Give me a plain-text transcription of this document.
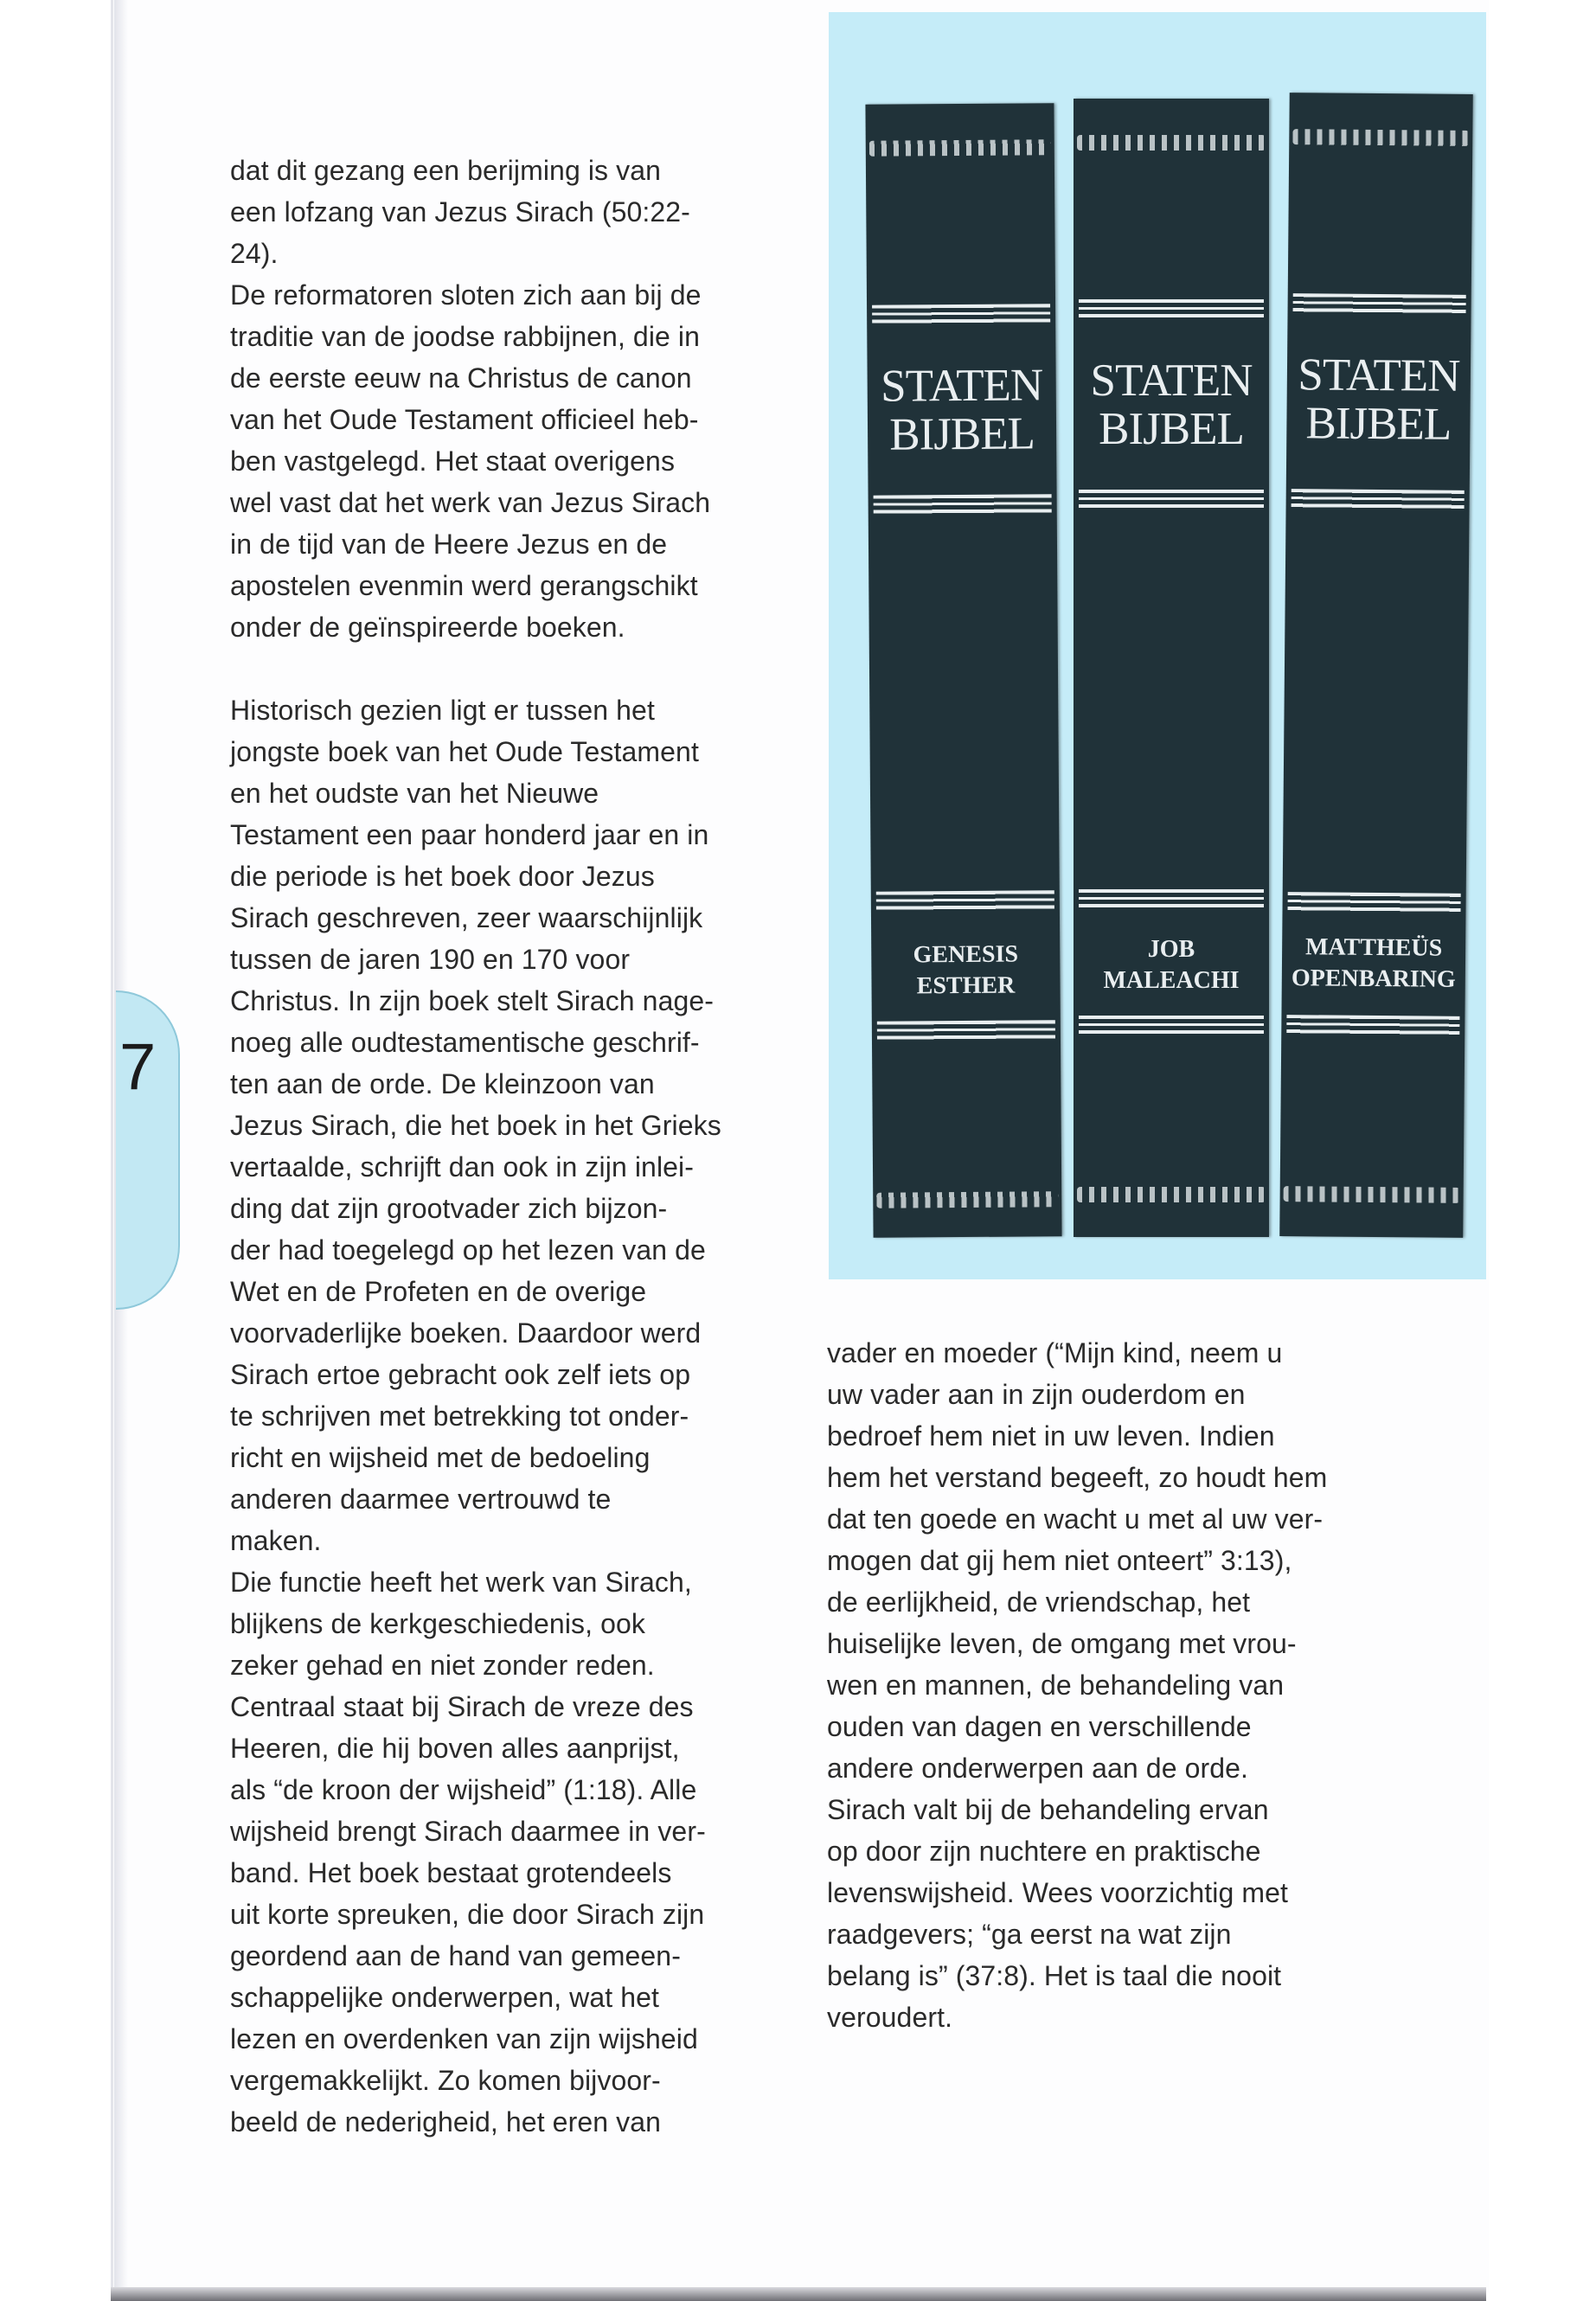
7
STATEN
BIJBEL
GENESIS
ESTHER
STATEN
BIJBEL
JOB
MALEACHI
STATEN
BIJBEL
MATTHEÜS
OPENBARING
dat dit gezang een berijming is van
een lofzang van Jezus Sirach (50:22-
24).
De reformatoren sloten zich aan bij de
traditie van de joodse rabbijnen, die in
de eerste eeuw na Christus de canon
van het Oude Testament officieel heb-
ben vastgelegd. Het staat overigens
wel vast dat het werk van Jezus Sirach
in de tijd van de Heere Jezus en de
apostelen evenmin werd gerangschikt
onder de geïnspireerde boeken.
Historisch gezien ligt er tussen het
jongste boek van het Oude Testament
en het oudste van het Nieuwe
Testament een paar honderd jaar en in
die periode is het boek door Jezus
Sirach geschreven, zeer waarschijnlijk
tussen de jaren 190 en 170 voor
Christus. In zijn boek stelt Sirach nage-
noeg alle oudtestamentische geschrif-
ten aan de orde. De kleinzoon van
Jezus Sirach, die het boek in het Grieks
vertaalde, schrijft dan ook in zijn inlei-
ding dat zijn grootvader zich bijzon-
der had toegelegd op het lezen van de
Wet en de Profeten en de overige
voorvaderlijke boeken. Daardoor werd
Sirach ertoe gebracht ook zelf iets op
te schrijven met betrekking tot onder-
richt en wijsheid met de bedoeling
anderen daarmee vertrouwd te
maken.
Die functie heeft het werk van Sirach,
blijkens de kerkgeschiedenis, ook
zeker gehad en niet zonder reden.
Centraal staat bij Sirach de vreze des
Heeren, die hij boven alles aanprijst,
als “de kroon der wijsheid” (1:18). Alle
wijsheid brengt Sirach daarmee in ver-
band. Het boek bestaat grotendeels
uit korte spreuken, die door Sirach zijn
geordend aan de hand van gemeen-
schappelijke onderwerpen, wat het
lezen en overdenken van zijn wijsheid
vergemakkelijkt. Zo komen bijvoor-
beeld de nederigheid, het eren van
vader en moeder (“Mijn kind, neem u
uw vader aan in zijn ouderdom en
bedroef hem niet in uw leven. Indien
hem het verstand begeeft, zo houdt hem
dat ten goede en wacht u met al uw ver-
mogen dat gij hem niet onteert” 3:13),
de eerlijkheid, de vriendschap, het
huiselijke leven, de omgang met vrou-
wen en mannen, de behandeling van
ouden van dagen en verschillende
andere onderwerpen aan de orde.
Sirach valt bij de behandeling ervan
op door zijn nuchtere en praktische
levenswijsheid. Wees voorzichtig met
raadgevers; “ga eerst na wat zijn
belang is” (37:8). Het is taal die nooit
veroudert.
